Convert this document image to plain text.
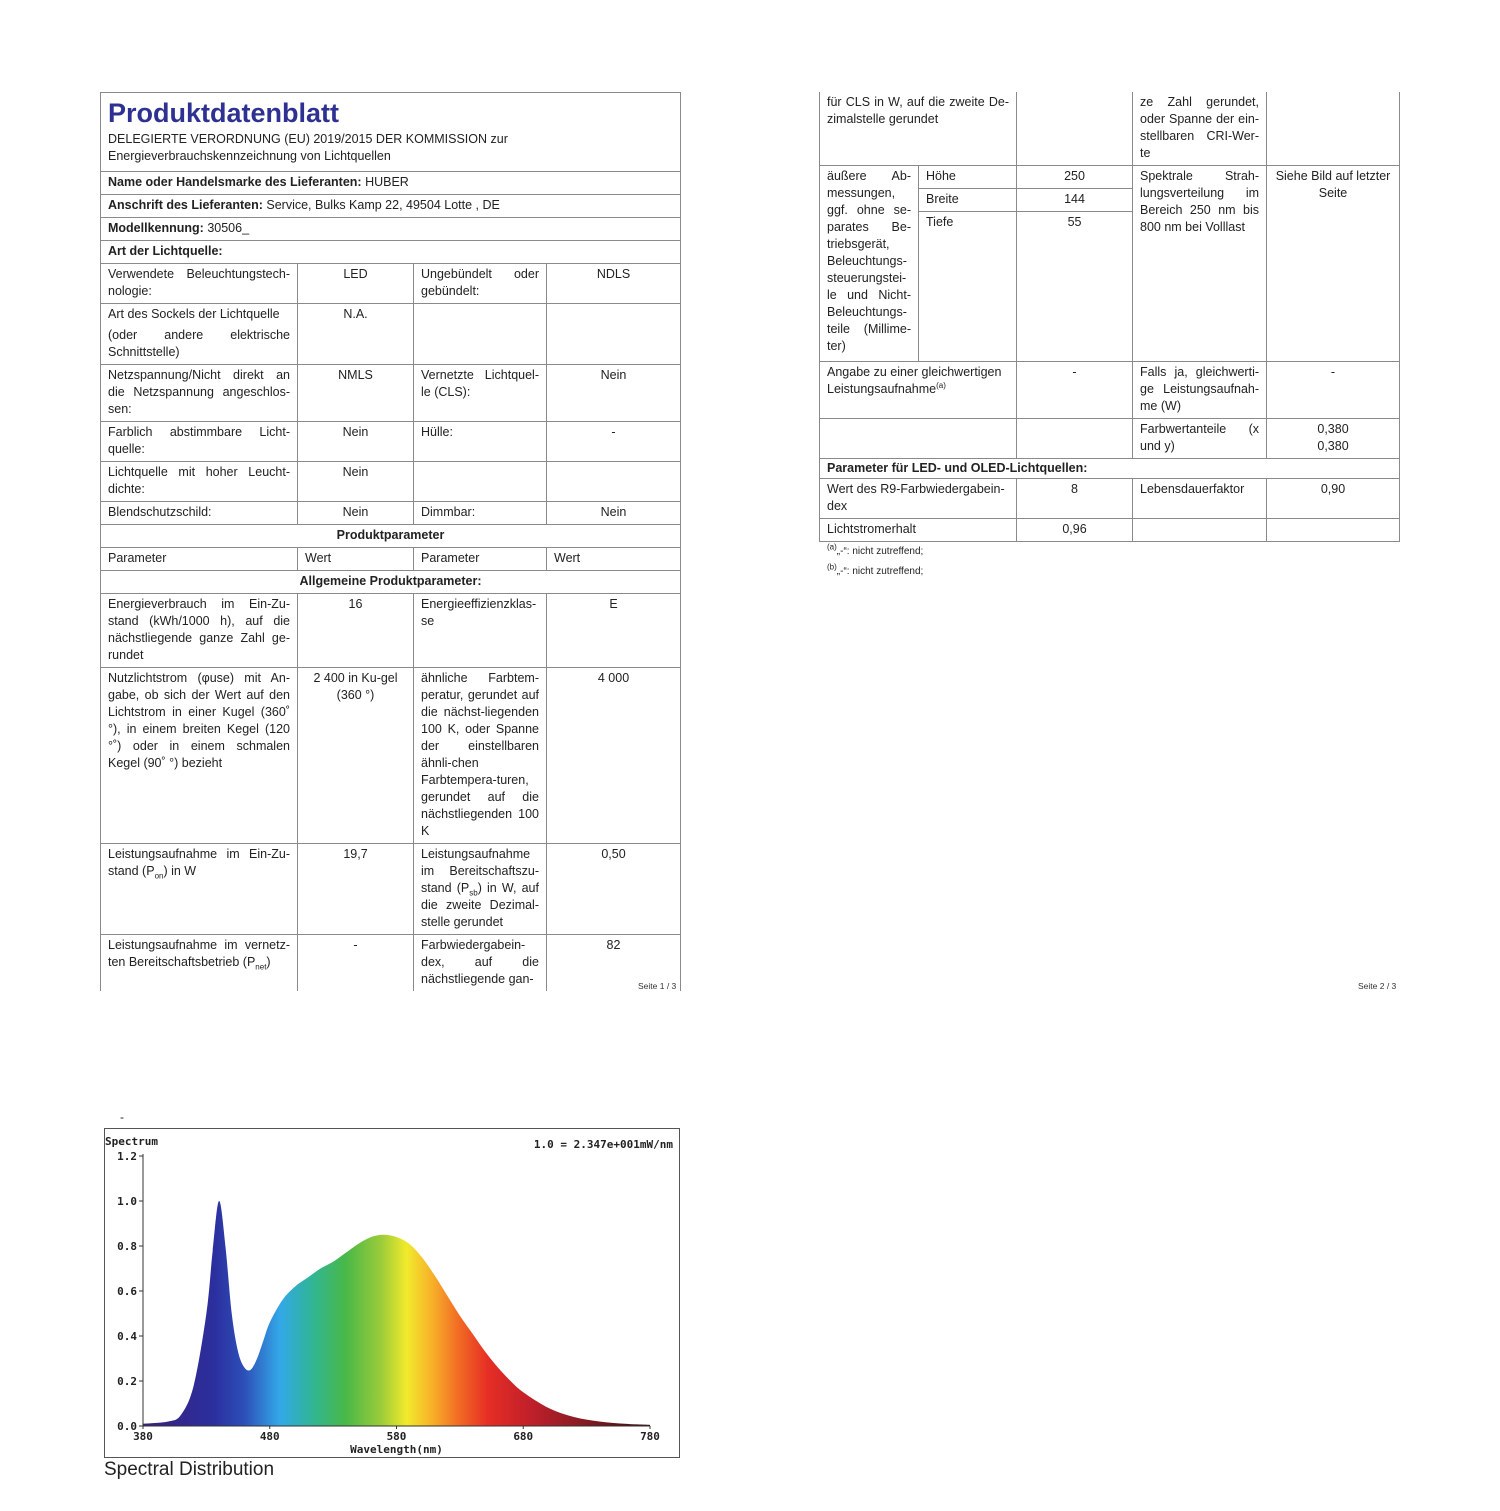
Produktdatenblatt
DELEGIERTE VERORDNUNG (EU) 2019/2015 DER KOMMISSION zur
Energieverbrauchskennzeichnung von Lichtquellen			

Name oder Handelsmarke des Lieferanten: HUBER			
Anschrift des Lieferanten: Service, Bulks Kamp 22, 49504 Lotte , DE			
Modellkennung: 30506_			
Art der Lichtquelle:			
Verwendete Beleuchtungstech-nologie:	LED	Ungebündelt oder gebündelt:	NDLS

Art des Sockels der Lichtquelle
(oder andere elektrische Schnittstelle)	N.A.		
Netzspannung/Nicht direkt an die Netzspannung angeschlos-sen:	NMLS	Vernetzte Lichtquel-le (CLS):	Nein
Farblich abstimmbare Licht-quelle:	Nein	Hülle:	-
Lichtquelle mit hoher Leucht-dichte:	Nein		
Blendschutzschild:	Nein	Dimmbar:	Nein
Produktparameter			
Parameter	Wert	Parameter	Wert
Allgemeine Produktparameter:			
Energieverbrauch im Ein-Zu-stand (kWh/1000 h), auf die nächstliegende ganze Zahl ge-rundet	16	Energieeffizienzklas-se	E
Nutzlichtstrom (φuse) mit An-gabe, ob sich der Wert auf den Lichtstrom in einer Kugel (360˚ °), in einem breiten Kegel (120 °˚) oder in einem schmalen Kegel (90˚ °) bezieht	2 400 in Ku-gel (360 °)	ähnliche Farbtem-peratur, gerundet auf die nächst-liegenden 100 K, oder Spanne der einstellbaren ähnli-chen Farbtempera-turen, gerundet auf die nächstliegenden 100 K	4 000
Leistungsaufnahme im Ein-Zu-stand $(P_{on})$ in W	19,7	Leistungsaufnahme im Bereitschaftszu-stand $(P_{sb})$ in W, auf die zweite Dezimal-stelle gerundet	0,50
Leistungsaufnahme im vernetz-ten Bereitschaftsbetrieb $(P_{net})$	-	Farbwiedergabein-dex, auf die nächstliegende gan-	82
Seite 1 / 3
für CLS in W, auf die zweite De-zimalstelle gerundet			ze Zahl gerundet, oder Spanne der ein-stellbaren CRI-Wer-te	
äußere Ab-messungen, ggf. ohne se-parates Be-triebsgerät, Beleuchtungs-steuerungstei-le und Nicht-Beleuchtungs-teile (Millime-ter)	Höhe	250	Spektrale Strah-lungsverteilung im Bereich 250 nm bis 800 nm bei Volllast	Siehe Bild auf letzter Seite
	Breite	144		
	Tiefe	55		
Angabe zu einer gleichwertigen Leistungsaufnahme$^{(a)}$		-	Falls ja, gleichwerti-ge Leistungsaufnah-me (W)	-
			Farbwertanteile (x und y)	0,380
0,380

Parameter für LED- und OLED-Lichtquellen:				
Wert des R9-Farbwiedergabein-dex		8	Lebensdauerfaktor	0,90
Lichtstromerhalt		0,96		
$^{(a)}$„-“: nicht zutreffend;
$^{(b)}$„-“: nicht zutreffend;
Seite 2 / 3
-
0.0
0.2
0.4
0.6
0.8
1.0
1.2
380	480	580	680	780
Wavelength(nm)
Spectrum	1.0 = 2.347e+001mW/nm
Spectral Distribution
